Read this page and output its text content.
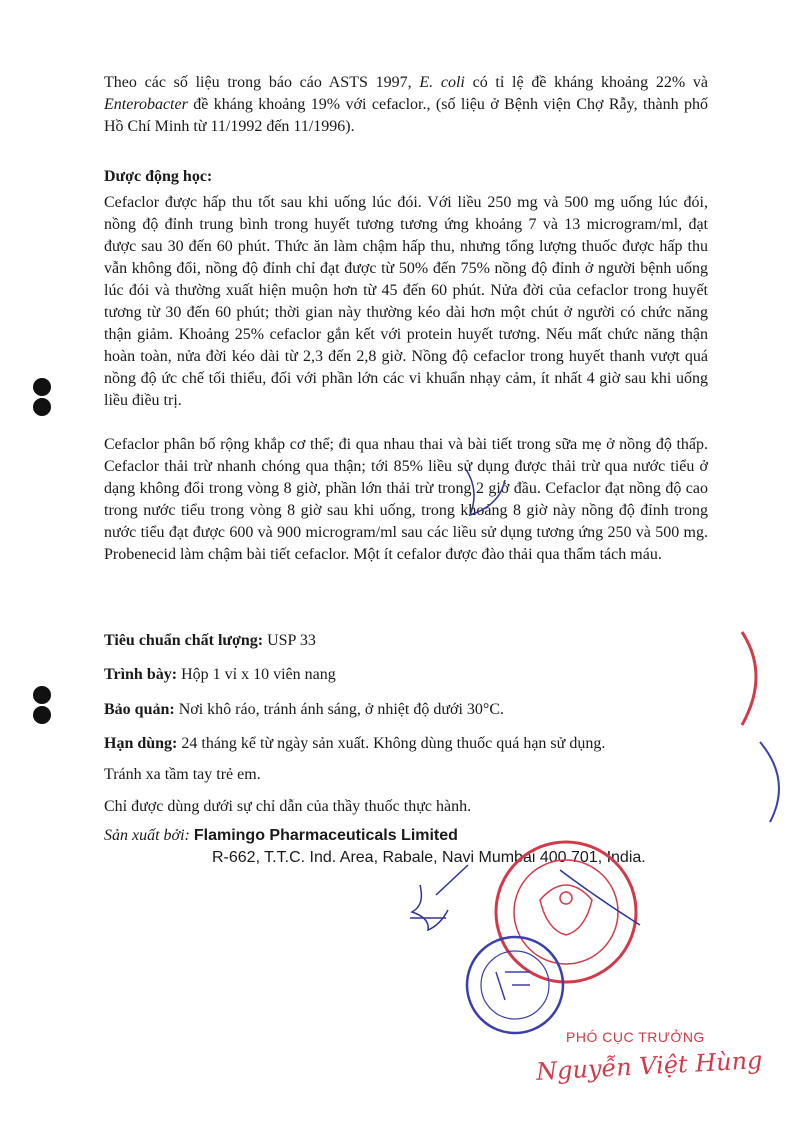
Theo các số liệu trong báo cáo ASTS 1997, E. coli có tỉ lệ đề kháng khoảng 22% và Enterobacter đề kháng khoảng 19% với cefaclor., (số liệu ở Bệnh viện Chợ Rẫy, thành phố Hồ Chí Minh từ 11/1992 đến 11/1996).
Dược động học:
Cefaclor được hấp thu tốt sau khi uống lúc đói. Với liều 250 mg và 500 mg uống lúc đói, nồng độ đỉnh trung bình trong huyết tương tương ứng khoảng 7 và 13 microgram/ml, đạt được sau 30 đến 60 phút. Thức ăn làm chậm hấp thu, nhưng tổng lượng thuốc được hấp thu vẫn không đổi, nồng độ đỉnh chỉ đạt được từ 50% đến 75% nồng độ đỉnh ở người bệnh uống lúc đói và thường xuất hiện muộn hơn từ 45 đến 60 phút. Nửa đời của cefaclor trong huyết tương từ 30 đến 60 phút; thời gian này thường kéo dài hơn một chút ở người có chức năng thận giảm. Khoảng 25% cefaclor gắn kết với protein huyết tương. Nếu mất chức năng thận hoàn toàn, nửa đời kéo dài từ 2,3 đến 2,8 giờ. Nồng độ cefaclor trong huyết thanh vượt quá nồng độ ức chế tối thiểu, đối với phần lớn các vi khuẩn nhạy cảm, ít nhất 4 giờ sau khi uống liều điều trị.
Cefaclor phân bố rộng khắp cơ thể; đi qua nhau thai và bài tiết trong sữa mẹ ở nồng độ thấp. Cefaclor thải trừ nhanh chóng qua thận; tới 85% liều sử dụng được thải trừ qua nước tiểu ở dạng không đổi trong vòng 8 giờ, phần lớn thải trừ trong 2 giờ đầu. Cefaclor đạt nồng độ cao trong nước tiểu trong vòng 8 giờ sau khi uống, trong khoảng 8 giờ này nồng độ đỉnh trong nước tiểu đạt được 600 và 900 microgram/ml sau các liều sử dụng tương ứng 250 và 500 mg. Probenecid làm chậm bài tiết cefaclor. Một ít cefalor được đào thải qua thẩm tách máu.
Tiêu chuẩn chất lượng: USP 33
Trình bày: Hộp 1 vỉ x 10 viên nang
Bảo quản: Nơi khô ráo, tránh ánh sáng, ở nhiệt độ dưới 30°C.
Hạn dùng: 24 tháng kể từ ngày sản xuất. Không dùng thuốc quá hạn sử dụng.
Tránh xa tầm tay trẻ em.
Chỉ được dùng dưới sự chỉ dẫn của thầy thuốc thực hành.
Sản xuất bởi: Flamingo Pharmaceuticals Limited
R-662, T.T.C. Ind. Area, Rabale, Navi Mumbai 400 701, India.
PHÓ CỤC TRƯỞNG
Nguyễn Việt Hùng
